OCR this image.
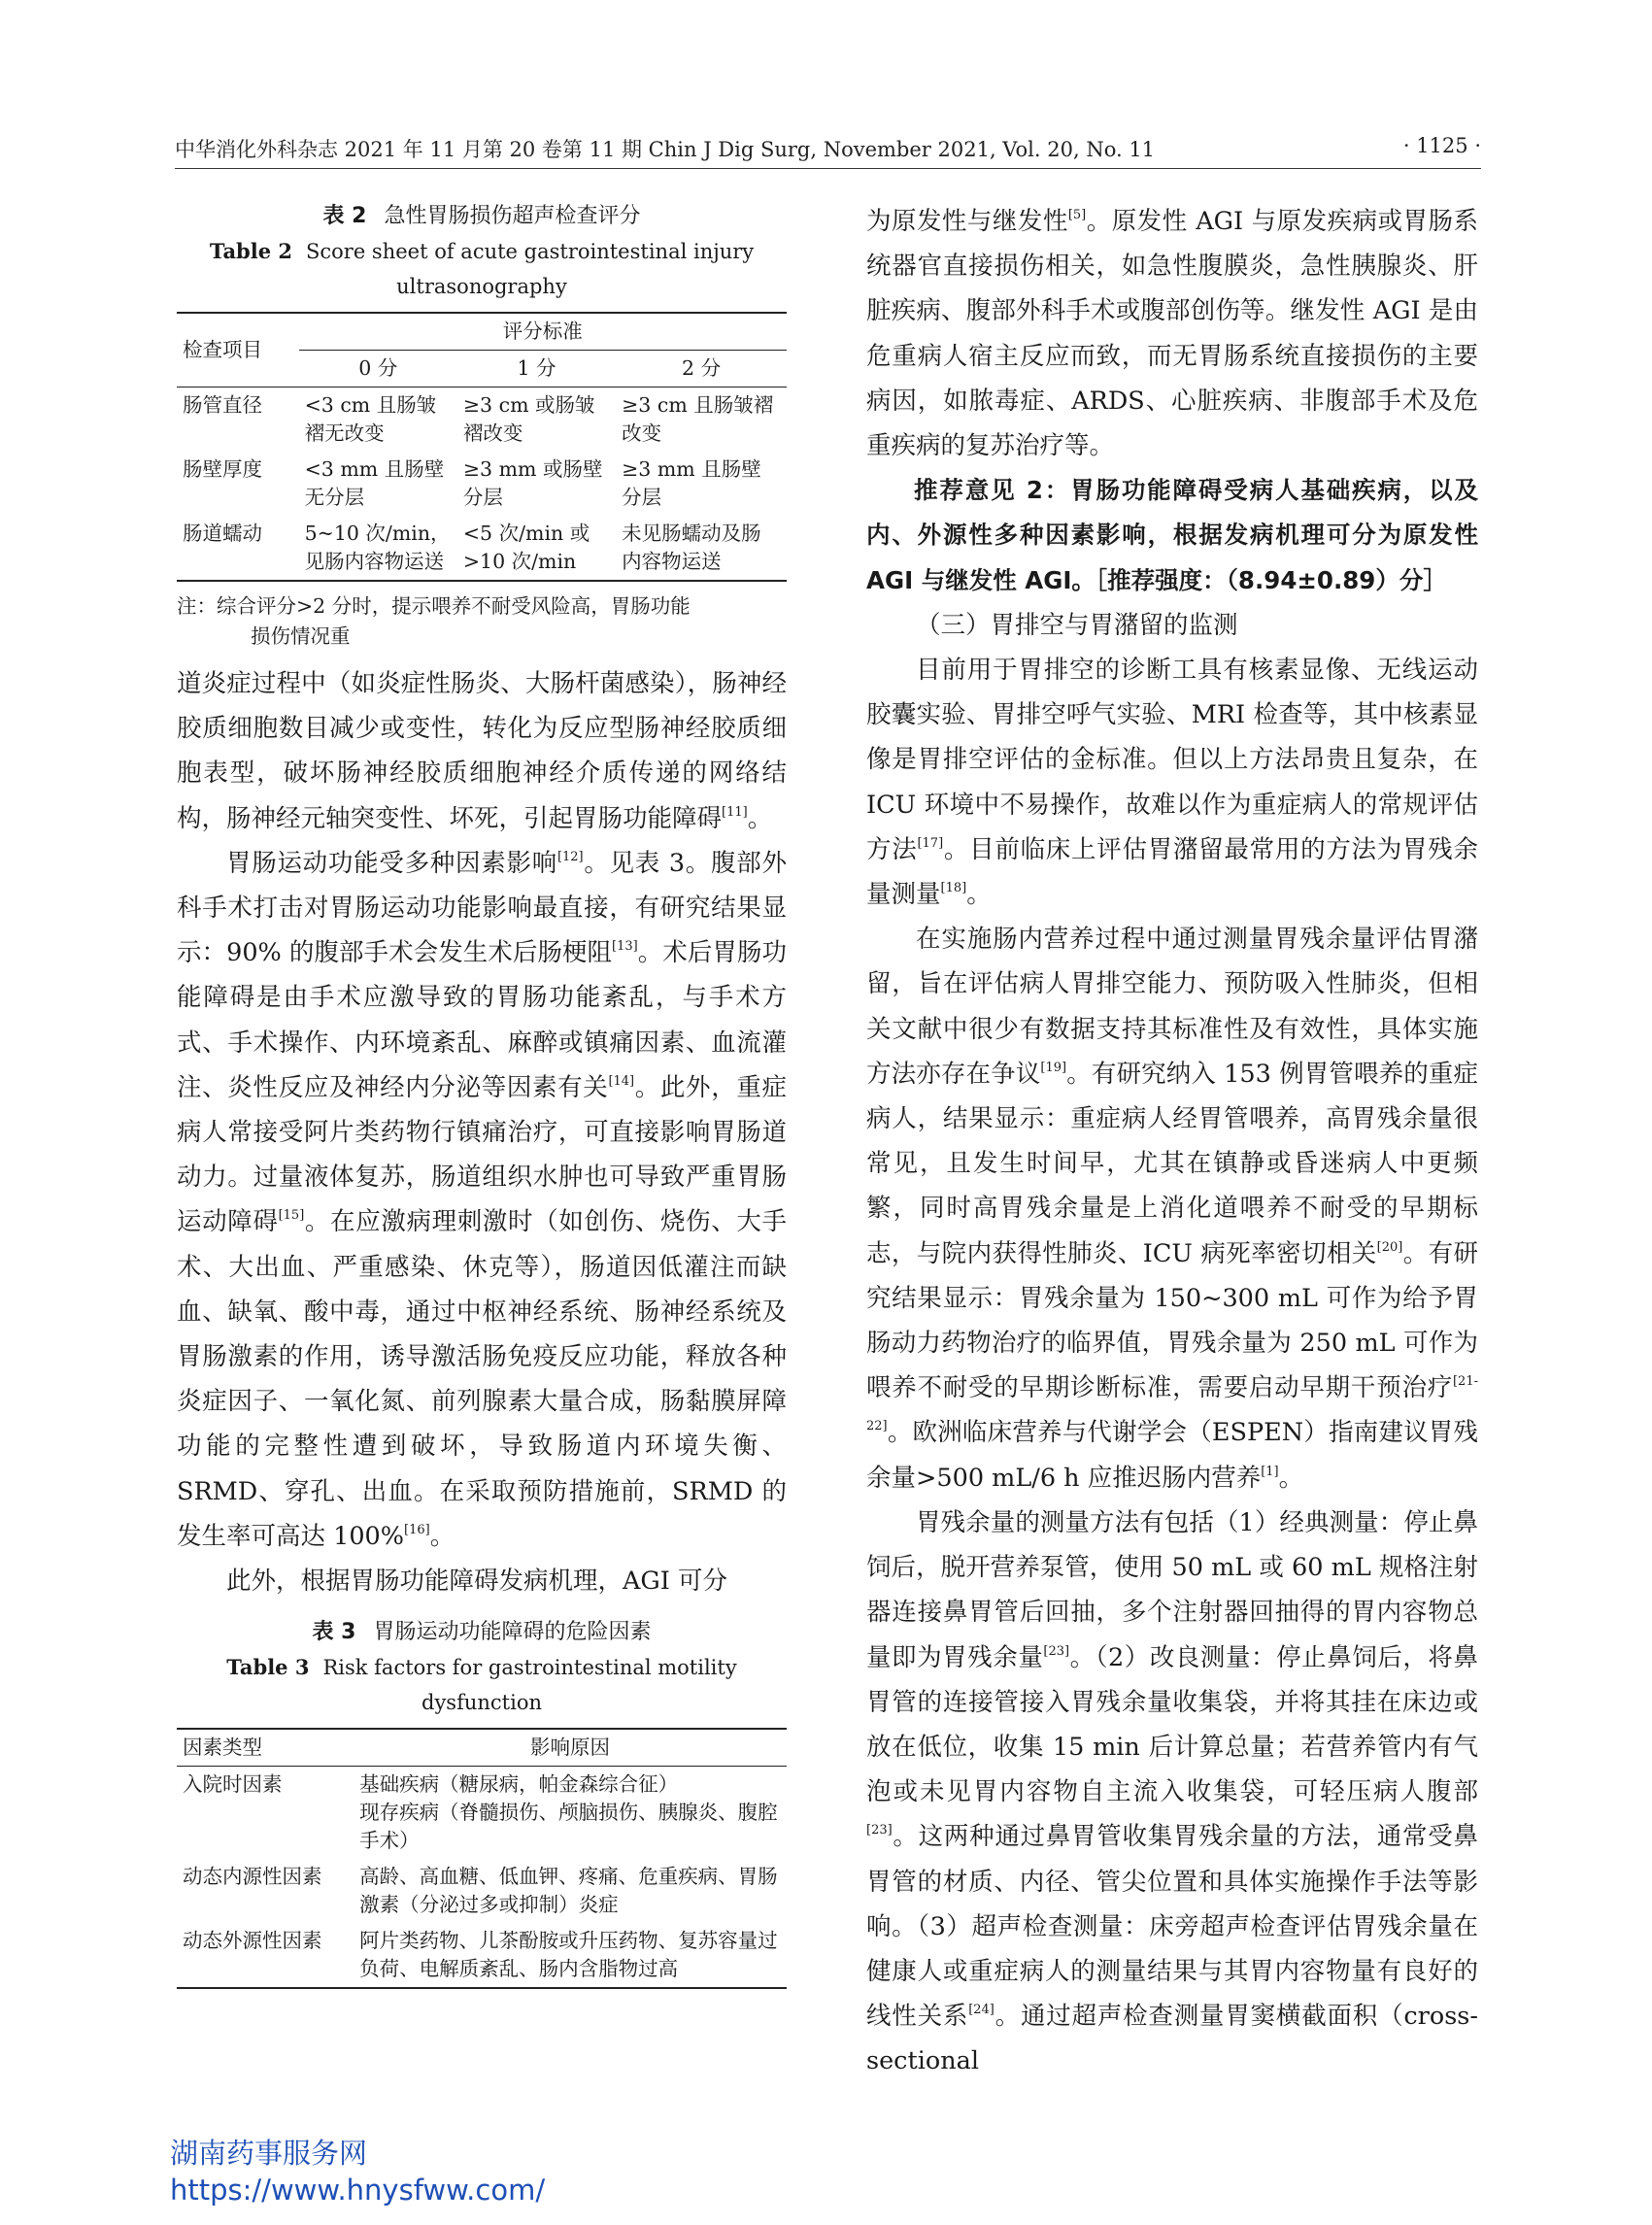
中华消化外科杂志 2021 年 11 月第 20 卷第 11 期 Chin J Dig Surg, November 2021, Vol. 20, No. 11	· 1125 ·
表 2 急性胃肠损伤超声检查评分
Table 2 Score sheet of acute gastrointestinal injury ultrasonography
检查项目	评分标准		
	0 分	1 分	2 分
肠管直径	<3 cm 且肠皱褶无改变	≥3 cm 或肠皱褶改变	≥3 cm 且肠皱褶改变
肠壁厚度	<3 mm 且肠壁无分层	≥3 mm 或肠壁分层	≥3 mm 且肠壁分层
肠道蠕动	5~10 次/min，见肠内容物运送	<5 次/min 或>10 次/min	未见肠蠕动及肠内容物运送
注：综合评分>2 分时，提示喂养不耐受风险高，胃肠功能
损伤情况重

道炎症过程中（如炎症性肠炎、大肠杆菌感染），肠神经胶质细胞数目减少或变性，转化为反应型肠神经胶质细胞表型，破坏肠神经胶质细胞神经介质传递的网络结构，肠神经元轴突变性、坏死，引起胃肠功能障碍[11]。

胃肠运动功能受多种因素影响[12]。见表 3。腹部外科手术打击对胃肠运动功能影响最直接，有研究结果显示：90% 的腹部手术会发生术后肠梗阻[13]。术后胃肠功能障碍是由手术应激导致的胃肠功能紊乱，与手术方式、手术操作、内环境紊乱、麻醉或镇痛因素、血流灌注、炎性反应及神经内分泌等因素有关[14]。此外，重症病人常接受阿片类药物行镇痛治疗，可直接影响胃肠道动力。过量液体复苏，肠道组织水肿也可导致严重胃肠运动障碍[15]。在应激病理刺激时（如创伤、烧伤、大手术、大出血、严重感染、休克等），肠道因低灌注而缺血、缺氧、酸中毒，通过中枢神经系统、肠神经系统及胃肠激素的作用，诱导激活肠免疫反应功能，释放各种炎症因子、一氧化氮、前列腺素大量合成，肠黏膜屏障功能的完整性遭到破坏，导致肠道内环境失衡、SRMD、穿孔、出血。在采取预防措施前，SRMD 的发生率可高达 100%[16]。

此外，根据胃肠功能障碍发病机理，AGI 可分

表 3 胃肠运动功能障碍的危险因素
Table 3 Risk factors for gastrointestinal motility dysfunction
因素类型	影响原因
入院时因素	基础疾病（糖尿病，帕金森综合征）
现存疾病（脊髓损伤、颅脑损伤、胰腺炎、腹腔手术）
动态内源性因素	高龄、高血糖、低血钾、疼痛、危重疾病、胃肠激素（分泌过多或抑制）炎症
动态外源性因素	阿片类药物、儿茶酚胺或升压药物、复苏容量过负荷、电解质紊乱、肠内含脂物过高

为原发性与继发性[5]。原发性 AGI 与原发疾病或胃肠系统器官直接损伤相关，如急性腹膜炎，急性胰腺炎、肝脏疾病、腹部外科手术或腹部创伤等。继发性 AGI 是由危重病人宿主反应而致，而无胃肠系统直接损伤的主要病因，如脓毒症、ARDS、心脏疾病、非腹部手术及危重疾病的复苏治疗等。

推荐意见 2：胃肠功能障碍受病人基础疾病，以及内、外源性多种因素影响，根据发病机理可分为原发性 AGI 与继发性 AGI。［推荐强度：（8.94±0.89）分］

（三）胃排空与胃潴留的监测

目前用于胃排空的诊断工具有核素显像、无线运动胶囊实验、胃排空呼气实验、MRI 检查等，其中核素显像是胃排空评估的金标准。但以上方法昂贵且复杂，在 ICU 环境中不易操作，故难以作为重症病人的常规评估方法[17]。目前临床上评估胃潴留最常用的方法为胃残余量测量[18]。

在实施肠内营养过程中通过测量胃残余量评估胃潴留，旨在评估病人胃排空能力、预防吸入性肺炎，但相关文献中很少有数据支持其标准性及有效性，具体实施方法亦存在争议[19]。有研究纳入 153 例胃管喂养的重症病人，结果显示：重症病人经胃管喂养，高胃残余量很常见，且发生时间早，尤其在镇静或昏迷病人中更频繁，同时高胃残余量是上消化道喂养不耐受的早期标志，与院内获得性肺炎、ICU 病死率密切相关[20]。有研究结果显示：胃残余量为 150~300 mL 可作为给予胃肠动力药物治疗的临界值，胃残余量为 250 mL 可作为喂养不耐受的早期诊断标准，需要启动早期干预治疗[21-22]。欧洲临床营养与代谢学会（ESPEN）指南建议胃残余量>500 mL/6 h 应推迟肠内营养[1]。

胃残余量的测量方法有包括（1）经典测量：停止鼻饲后，脱开营养泵管，使用 50 mL 或 60 mL 规格注射器连接鼻胃管后回抽，多个注射器回抽得的胃内容物总量即为胃残余量[23]。（2）改良测量：停止鼻饲后，将鼻胃管的连接管接入胃残余量收集袋，并将其挂在床边或放在低位，收集 15 min 后计算总量；若营养管内有气泡或未见胃内容物自主流入收集袋，可轻压病人腹部[23]。这两种通过鼻胃管收集胃残余量的方法，通常受鼻胃管的材质、内径、管尖位置和具体实施操作手法等影响。（3）超声检查测量：床旁超声检查评估胃残余量在健康人或重症病人的测量结果与其胃内容物量有良好的线性关系[24]。通过超声检查测量胃窦横截面积（cross-sectional

湖南药事服务网
https://www.hnysfww.com/
